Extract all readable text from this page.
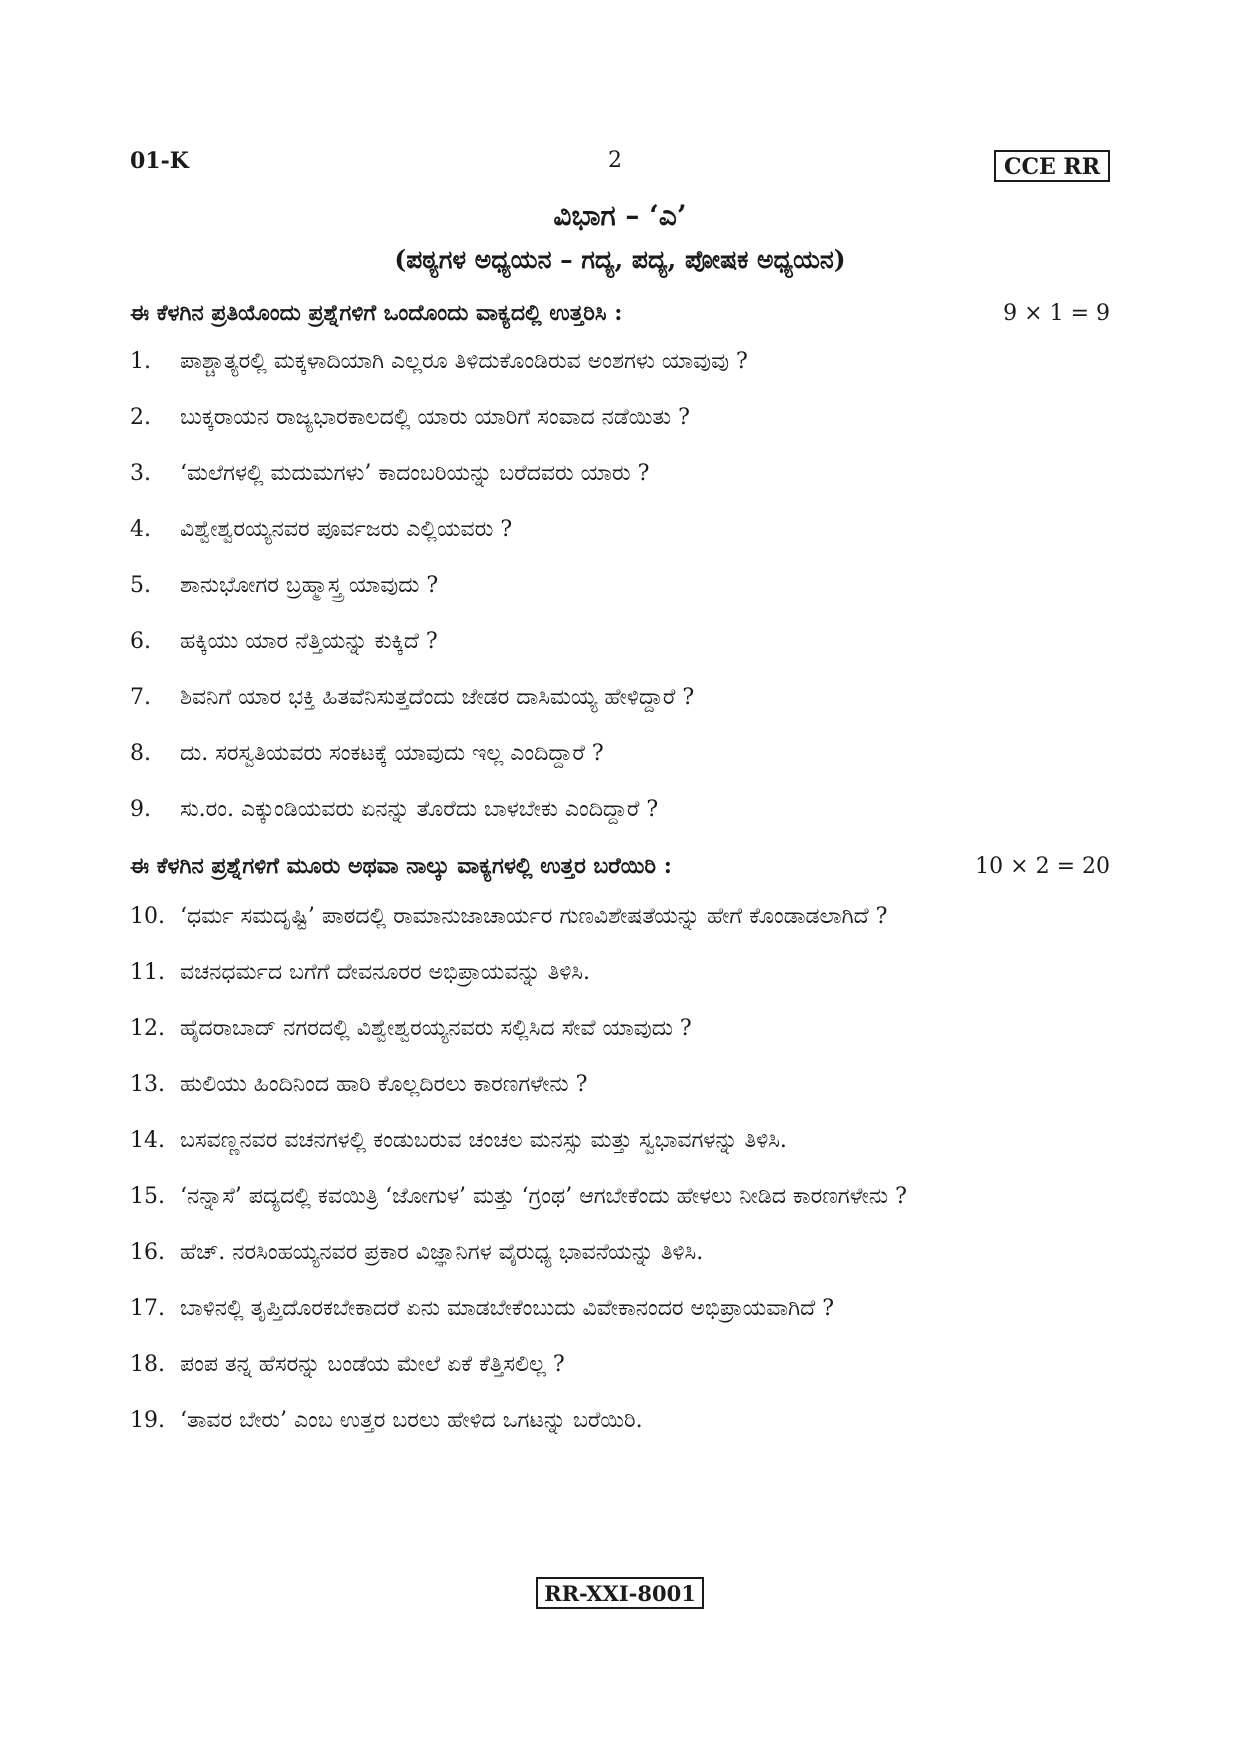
01-K	2	CCE RR
ವಿಭಾಗ – ‘ಎ’
(ಪಠ್ಯಗಳ ಅಧ್ಯಯನ – ಗದ್ಯ, ಪದ್ಯ, ಪೋಷಕ ಅಧ್ಯಯನ)
ಈ ಕೆಳಗಿನ ಪ್ರತಿಯೊಂದು ಪ್ರಶ್ನೆಗಳಿಗೆ ಒಂದೊಂದು ವಾಕ್ಯದಲ್ಲಿ ಉತ್ತರಿಸಿ :	9 × 1 = 9
1.	ಪಾಶ್ಚಾತ್ಯರಲ್ಲಿ ಮಕ್ಕಳಾದಿಯಾಗಿ ಎಲ್ಲರೂ ತಿಳಿದುಕೊಂಡಿರುವ ಅಂಶಗಳು ಯಾವುವು ?
2.	ಬುಕ್ಕರಾಯನ ರಾಜ್ಯಭಾರಕಾಲದಲ್ಲಿ ಯಾರು ಯಾರಿಗೆ ಸಂವಾದ ನಡೆಯಿತು ?
3.	‘ಮಲೆಗಳಲ್ಲಿ ಮದುಮಗಳು’ ಕಾದಂಬರಿಯನ್ನು ಬರೆದವರು ಯಾರು ?
4.	ವಿಶ್ವೇಶ್ವರಯ್ಯನವರ ಪೂರ್ವಜರು ಎಲ್ಲಿಯವರು ?
5.	ಶಾನುಭೋಗರ ಬ್ರಹ್ಮಾಸ್ತ್ರ ಯಾವುದು ?
6.	ಹಕ್ಕಿಯು ಯಾರ ನೆತ್ತಿಯನ್ನು ಕುಕ್ಕಿದೆ ?
7.	ಶಿವನಿಗೆ ಯಾರ ಭಕ್ತಿ ಹಿತವೆನಿಸುತ್ತದೆಂದು ಜೇಡರ ದಾಸಿಮಯ್ಯ ಹೇಳಿದ್ದಾರೆ ?
8.	ದು. ಸರಸ್ವತಿಯವರು ಸಂಕಟಕ್ಕೆ ಯಾವುದು ಇಲ್ಲ ಎಂದಿದ್ದಾರೆ ?
9.	ಸು.ರಂ. ಎಕ್ಕುಂಡಿಯವರು ಏನನ್ನು ತೊರೆದು ಬಾಳಬೇಕು ಎಂದಿದ್ದಾರೆ ?
ಈ ಕೆಳಗಿನ ಪ್ರಶ್ನೆಗಳಿಗೆ ಮೂರು ಅಥವಾ ನಾಲ್ಕು ವಾಕ್ಯಗಳಲ್ಲಿ ಉತ್ತರ ಬರೆಯಿರಿ :	10 × 2 = 20
10. ‘ಧರ್ಮ ಸಮದೃಷ್ಟಿ’ ಪಾಠದಲ್ಲಿ ರಾಮಾನುಜಾಚಾರ್ಯರ ಗುಣವಿಶೇಷತೆಯನ್ನು ಹೇಗೆ ಕೊಂಡಾಡಲಾಗಿದೆ ?
11. ವಚನಧರ್ಮದ ಬಗೆಗೆ ದೇವನೂರರ ಅಭಿಪ್ರಾಯವನ್ನು ತಿಳಿಸಿ.
12. ಹೈದರಾಬಾದ್ ನಗರದಲ್ಲಿ ವಿಶ್ವೇಶ್ವರಯ್ಯನವರು ಸಲ್ಲಿಸಿದ ಸೇವೆ ಯಾವುದು ?
13. ಹುಲಿಯು ಹಿಂದಿನಿಂದ ಹಾರಿ ಕೊಲ್ಲದಿರಲು ಕಾರಣಗಳೇನು ?
14. ಬಸವಣ್ಣನವರ ವಚನಗಳಲ್ಲಿ ಕಂಡುಬರುವ ಚಂಚಲ ಮನಸ್ಸು ಮತ್ತು ಸ್ವಭಾವಗಳನ್ನು ತಿಳಿಸಿ.
15. ‘ನನ್ನಾಸೆ’ ಪದ್ಯದಲ್ಲಿ ಕವಯಿತ್ರಿ ‘ಜೋಗುಳ’ ಮತ್ತು ‘ಗ್ರಂಥ’ ಆಗಬೇಕೆಂದು ಹೇಳಲು ನೀಡಿದ ಕಾರಣಗಳೇನು ?
16. ಹೆಚ್. ನರಸಿಂಹಯ್ಯನವರ ಪ್ರಕಾರ ವಿಜ್ಞಾನಿಗಳ ವೈರುಧ್ಯ ಭಾವನೆಯನ್ನು ತಿಳಿಸಿ.
17. ಬಾಳಿನಲ್ಲಿ ತೃಪ್ತಿದೊರಕಬೇಕಾದರೆ ಏನು ಮಾಡಬೇಕೆಂಬುದು ವಿವೇಕಾನಂದರ ಅಭಿಪ್ರಾಯವಾಗಿದೆ ?
18. ಪಂಪ ತನ್ನ ಹೆಸರನ್ನು ಬಂಡೆಯ ಮೇಲೆ ಏಕೆ ಕೆತ್ತಿಸಲಿಲ್ಲ ?
19. ‘ತಾವರ ಬೇರು’ ಎಂಬ ಉತ್ತರ ಬರಲು ಹೇಳಿದ ಒಗಟನ್ನು ಬರೆಯಿರಿ.
RR-XXI-8001
